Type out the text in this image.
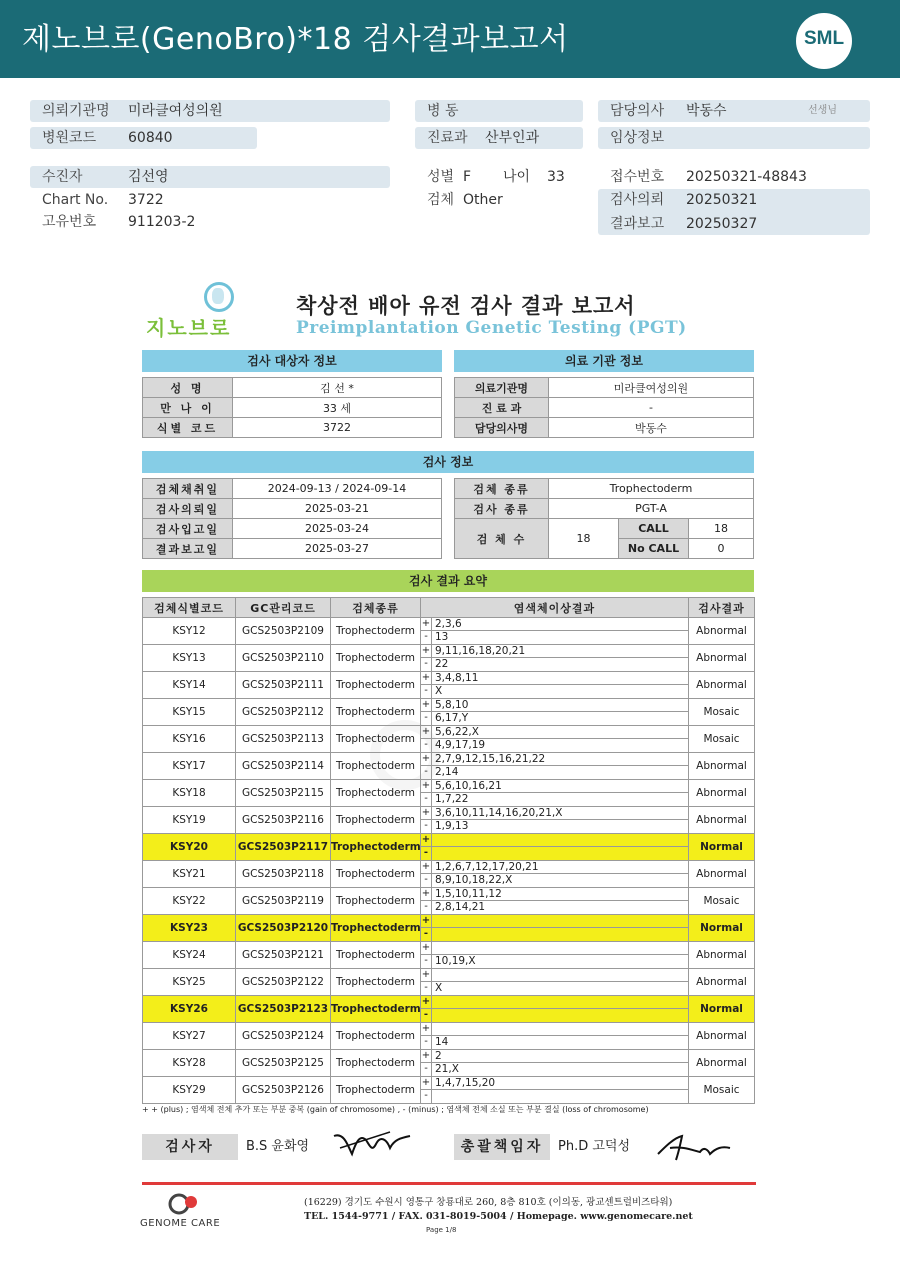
제노브로(GenoBro)*18 검사결과보고서	SML
의뢰기관명 미라클여성의원
병원코드 60840
병 동
진료과 산부인과
담당의사 박동수	선생님
임상정보
수진자	김선영
Chart No. 3722
고유번호 911203-2
성별 F 나이 33
검체 Other
접수번호 20250321-48843
검사의뢰 20250321
결과보고 20250327
지노브로
착상전 배아 유전 검사 결과 보고서
Preimplantation Genetic Testing (PGT)
검사 대상자 정보	의료 기관 정보
성 명	김 선 *
만 나 이	33 세
식별 코드	3722
의료기관명	미라클여성의원
진 료 과	-
담당의사명	박동수
검사 정보
검체채취일	2024-09-13 / 2024-09-14
검사의뢰일	2025-03-21
검사입고일	2025-03-24
결과보고일	2025-03-27
검체 종류	Trophectoderm		
검사 종류	PGT-A		
검 체 수	18	CALL	18
		No CALL	0
검사 결과 요약
검체식별코드	GC관리코드	검체종류	염색체이상결과	검사결과
KSY12	GCS2503P2109	Trophectoderm	+ 2,3,6
- 13	Abnormal
KSY13	GCS2503P2110	Trophectoderm	+ 9,11,16,18,20,21
- 22	Abnormal
KSY14	GCS2503P2111	Trophectoderm	+ 3,4,8,11
- X	Abnormal
KSY15	GCS2503P2112	Trophectoderm	+ 5,8,10
- 6,17,Y	Mosaic
KSY16	GCS2503P2113	Trophectoderm	+ 5,6,22,X
- 4,9,17,19	Mosaic
KSY17	GCS2503P2114	Trophectoderm	+ 2,7,9,12,15,16,21,22
- 2,14	Abnormal
KSY18	GCS2503P2115	Trophectoderm	+ 5,6,10,16,21
- 1,7,22	Abnormal
KSY19	GCS2503P2116	Trophectoderm	+ 3,6,10,11,14,16,20,21,X
- 1,9,13	Abnormal
KSY20	GCS2503P2117	Trophectoderm	+
-	Normal
KSY21	GCS2503P2118	Trophectoderm	+ 1,2,6,7,12,17,20,21
- 8,9,10,18,22,X	Abnormal
KSY22	GCS2503P2119	Trophectoderm	+ 1,5,10,11,12
- 2,8,14,21	Mosaic
KSY23	GCS2503P2120	Trophectoderm	+
-	Normal
KSY24	GCS2503P2121	Trophectoderm	+
- 10,19,X	Abnormal
KSY25	GCS2503P2122	Trophectoderm	+
- X	Abnormal
KSY26	GCS2503P2123	Trophectoderm	+
-	Normal
KSY27	GCS2503P2124	Trophectoderm	+
- 14	Abnormal
KSY28	GCS2503P2125	Trophectoderm	+ 2
- 21,X	Abnormal
KSY29	GCS2503P2126	Trophectoderm	+ 1,4,7,15,20
-	Mosaic
+ + (plus) ; 염색체 전체 추가 또는 부분 중복 (gain of chromosome) , - (minus) ; 염색체 전체 소실 또는 부분 결실 (loss of chromosome)
검사자	B.S 윤화영	총괄책임자	Ph.D 고덕성
GENOME CARE
(16229) 경기도 수원시 영통구 창룡대로 260, 8층 810호 (이의동, 광교센트럴비즈타워)
TEL. 1544-9771 / FAX. 031-8019-5004 / Homepage. www.genomecare.net
Page 1/8
